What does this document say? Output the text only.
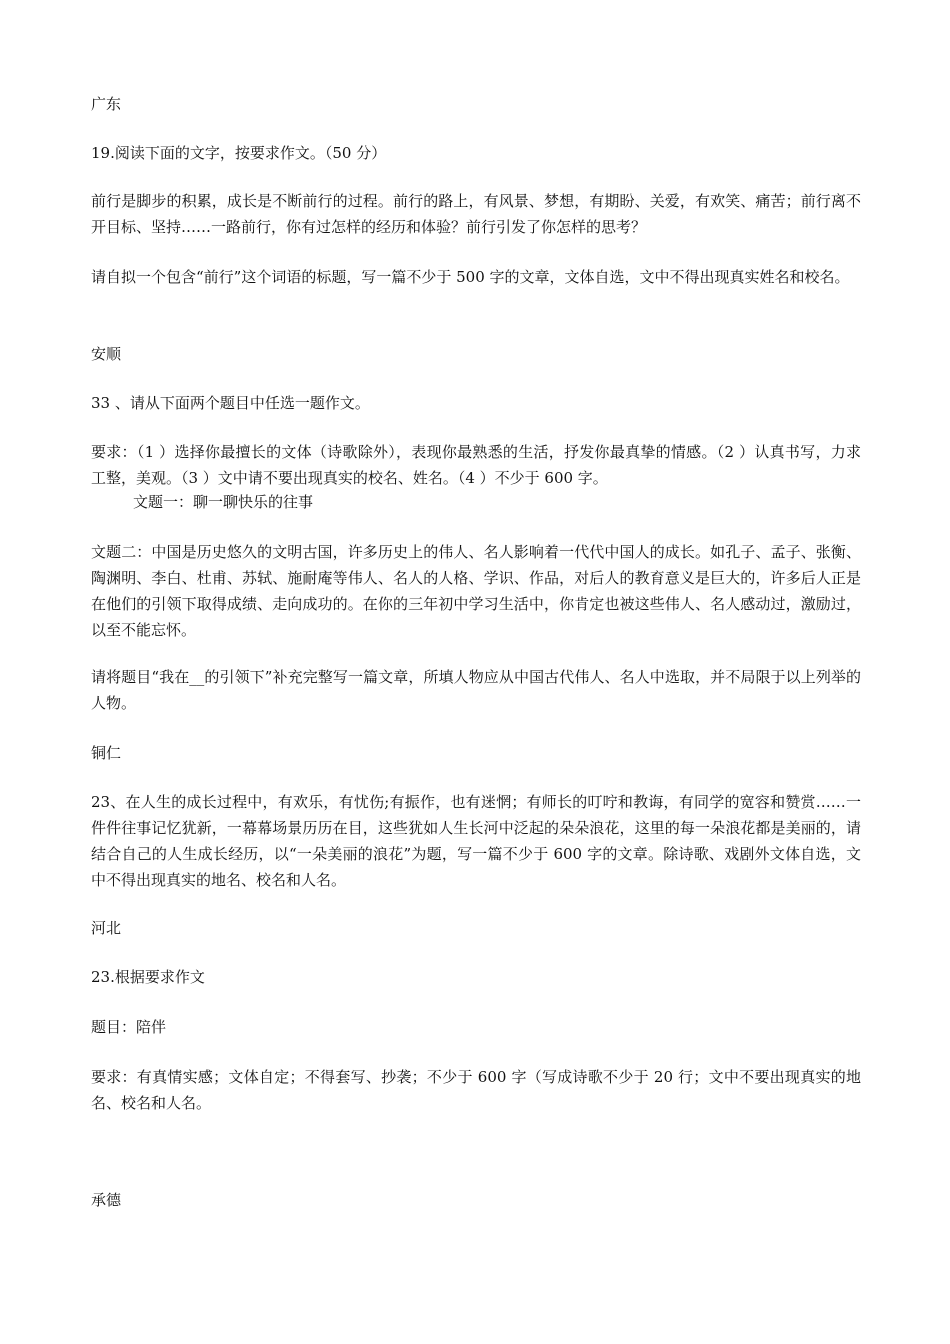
广东

19.阅读下面的文字，按要求作文。（50 分）

前行是脚步的积累，成长是不断前行的过程。前行的路上，有风景、梦想，有期盼、关爱，有欢笑、痛苦；前行离不开目标、坚持……一路前行，你有过怎样的经历和体验？前行引发了你怎样的思考？

请自拟一个包含“前行”这个词语的标题，写一篇不少于 500 字的文章，文体自选，文中不得出现真实姓名和校名。

安顺

33 、请从下面两个题目中任选一题作文。

要求：（1 ）选择你最擅长的文体（诗歌除外），表现你最熟悉的生活，抒发你最真挚的情感。（2 ）认真书写，力求工整，美观。（3 ）文中请不要出现真实的校名、姓名。（4 ）不少于 600 字。

文题一：聊一聊快乐的往事

文题二：中国是历史悠久的文明古国，许多历史上的伟人、名人影响着一代代中国人的成长。如孔子、孟子、张衡、陶渊明、李白、杜甫、苏轼、施耐庵等伟人、名人的人格、学识、作品，对后人的教育意义是巨大的，许多后人正是在他们的引领下取得成绩、走向成功的。在你的三年初中学习生活中，你肯定也被这些伟人、名人感动过，激励过，以至不能忘怀。

请将题目“我在__的引领下”补充完整写一篇文章，所填人物应从中国古代伟人、名人中选取，并不局限于以上列举的人物。

铜仁

23、在人生的成长过程中，有欢乐，有忧伤;有振作，也有迷惘；有师长的叮咛和教诲，有同学的宽容和赞赏……一件件往事记忆犹新，一幕幕场景历历在目，这些犹如人生长河中泛起的朵朵浪花，这里的每一朵浪花都是美丽的，请结合自己的人生成长经历，以“一朵美丽的浪花”为题，写一篇不少于 600 字的文章。除诗歌、戏剧外文体自选，文中不得出现真实的地名、校名和人名。

河北

23.根据要求作文

题目：陪伴

要求：有真情实感；文体自定；不得套写、抄袭；不少于 600 字（写成诗歌不少于 20 行；文中不要出现真实的地名、校名和人名。

承德
